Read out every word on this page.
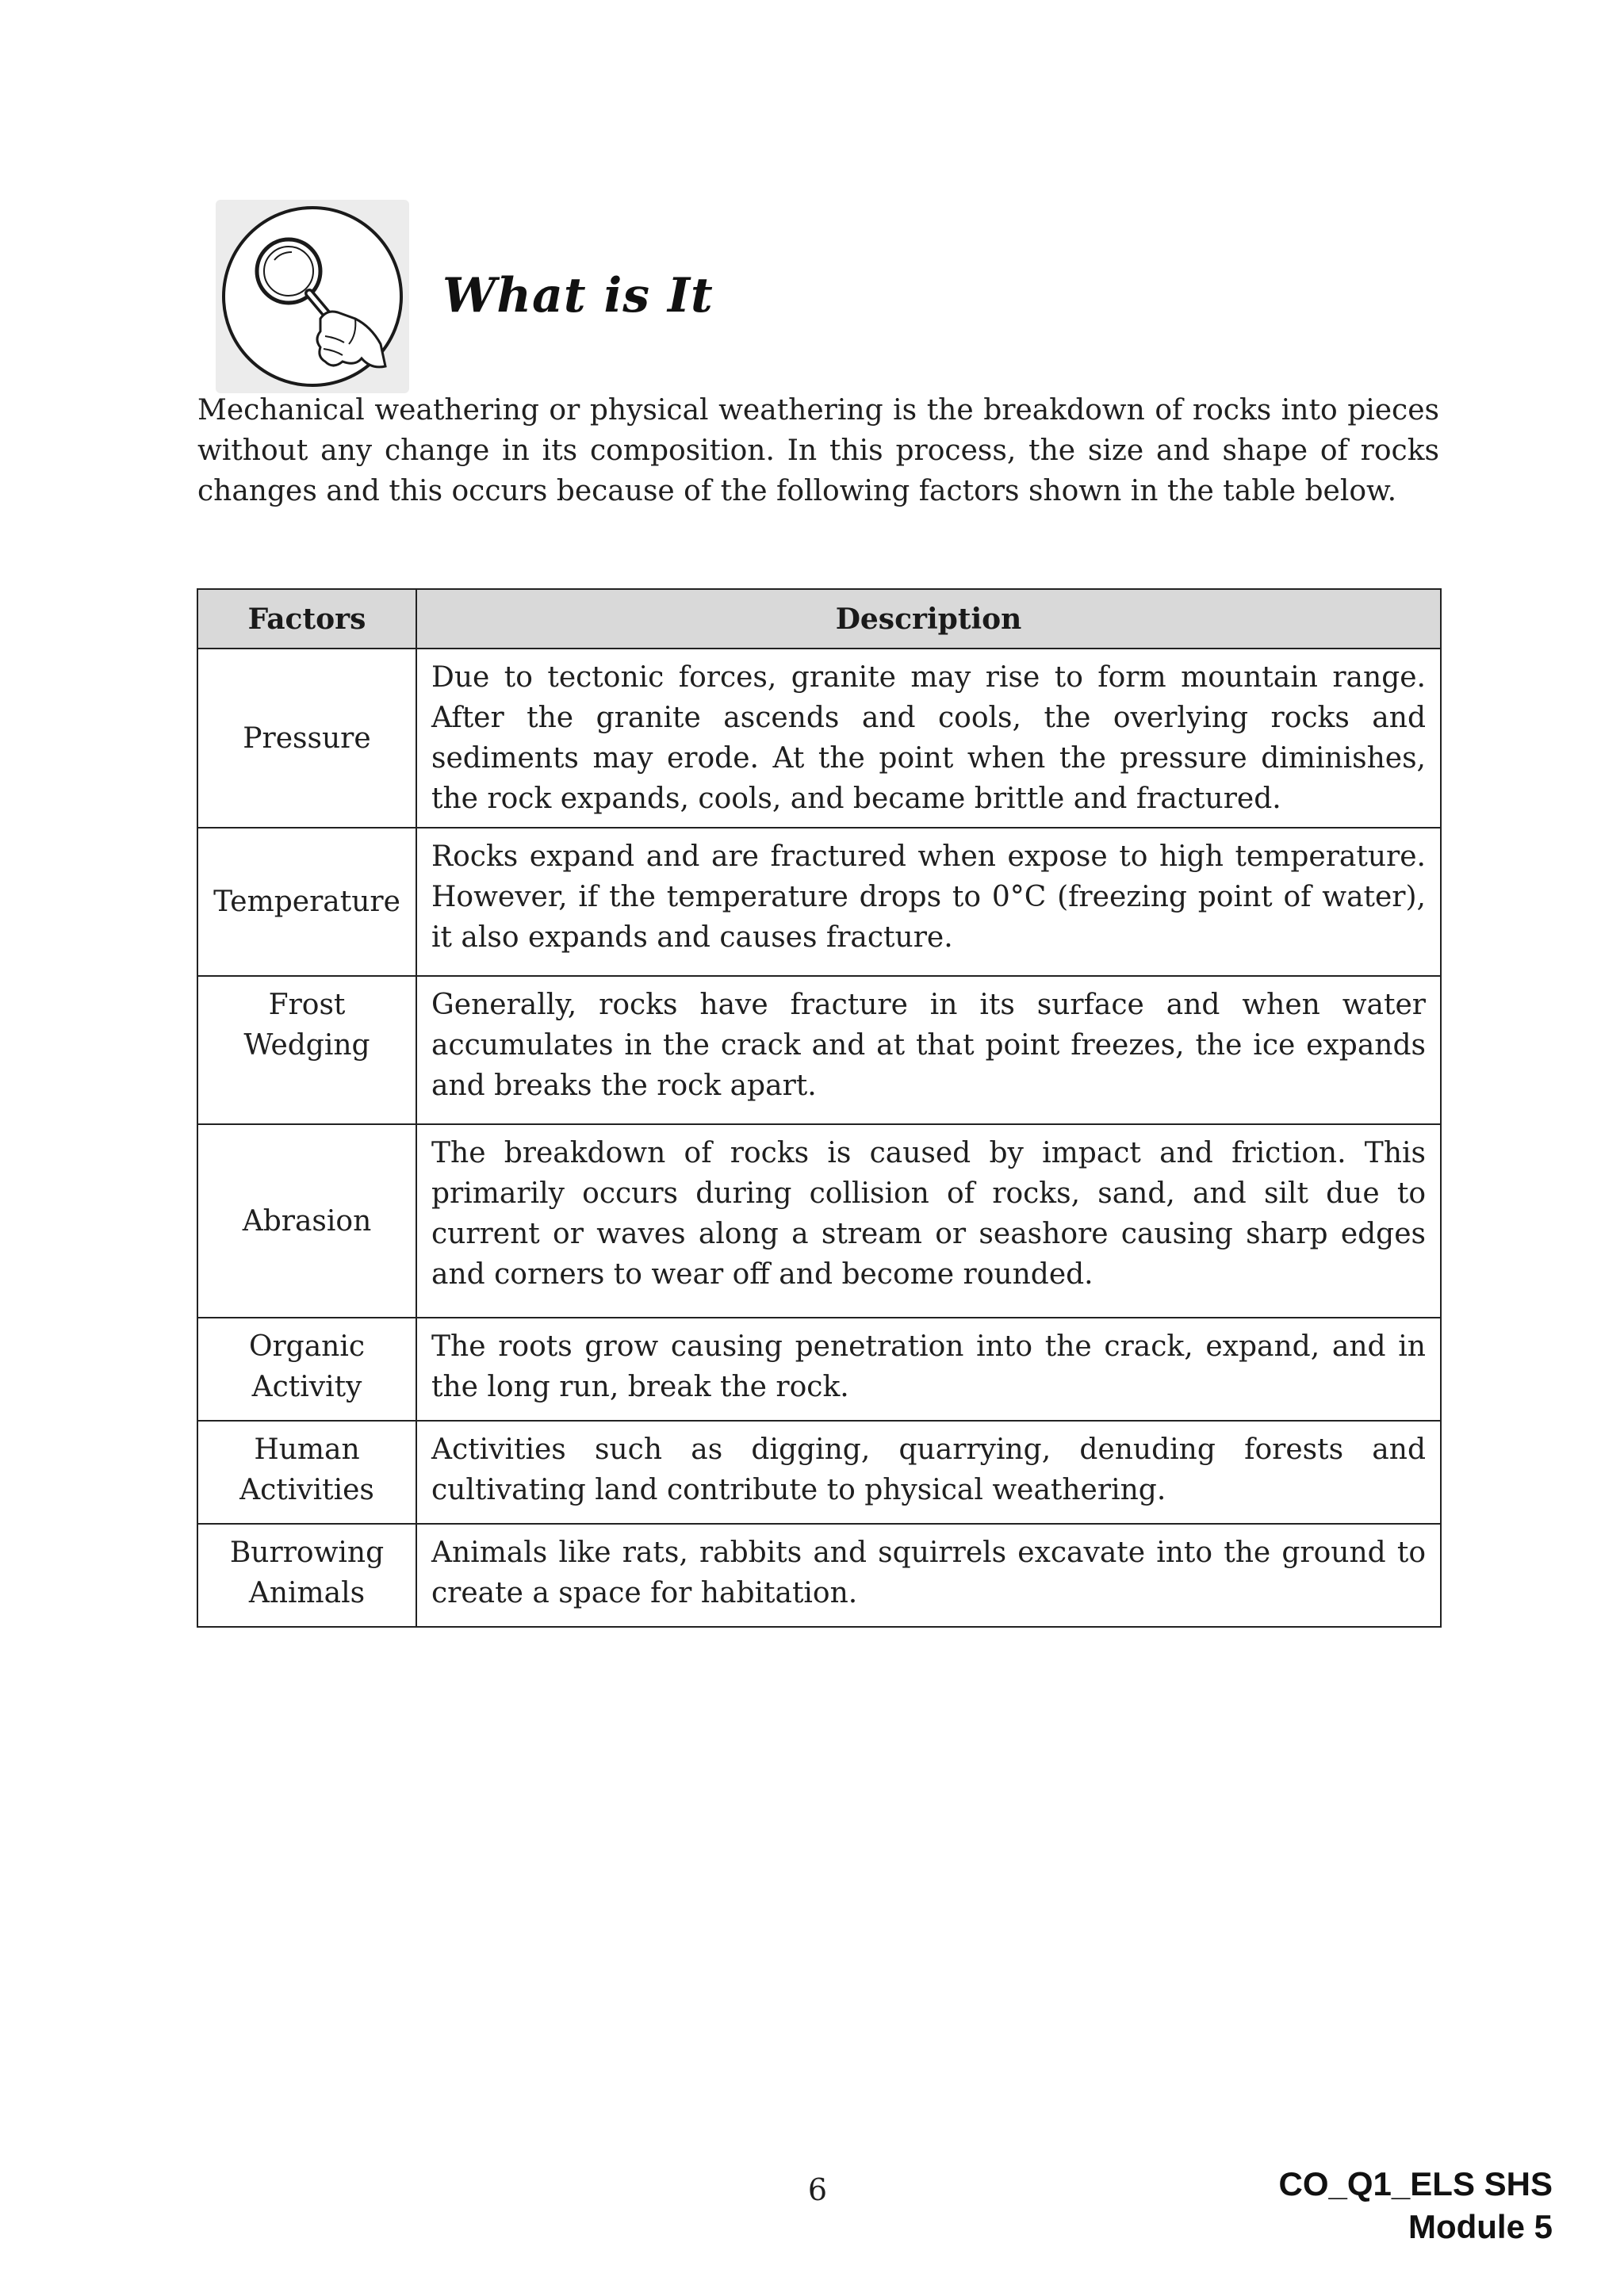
What is It

Mechanical weathering or physical weathering is the breakdown of rocks into pieces without any change in its composition. In this process, the size and shape of rocks changes and this occurs because of the following factors shown in the table below.

Factors	Description

Pressure	Due to tectonic forces, granite may rise to form mountain range. After the granite ascends and cools, the overlying rocks and sediments may erode. At the point when the pressure diminishes, the rock expands, cools, and became brittle and fractured.

Temperature	Rocks expand and are fractured when expose to high temperature. However, if the temperature drops to 0°C (freezing point of water), it also expands and causes fracture.

Frost
Wedging	Generally, rocks have fracture in its surface and when water accumulates in the crack and at that point freezes, the ice expands and breaks the rock apart.

Abrasion	The breakdown of rocks is caused by impact and friction. This primarily occurs during collision of rocks, sand, and silt due to current or waves along a stream or seashore causing sharp edges and corners to wear off and become rounded.

Organic
Activity	The roots grow causing penetration into the crack, expand, and in the long run, break the rock.

Human
Activities	Activities such as digging, quarrying, denuding forests and cultivating land contribute to physical weathering.

Burrowing
Animals	Animals like rats, rabbits and squirrels excavate into the ground to create a space for habitation.
6	CO_Q1_ELS SHS
Module 5
